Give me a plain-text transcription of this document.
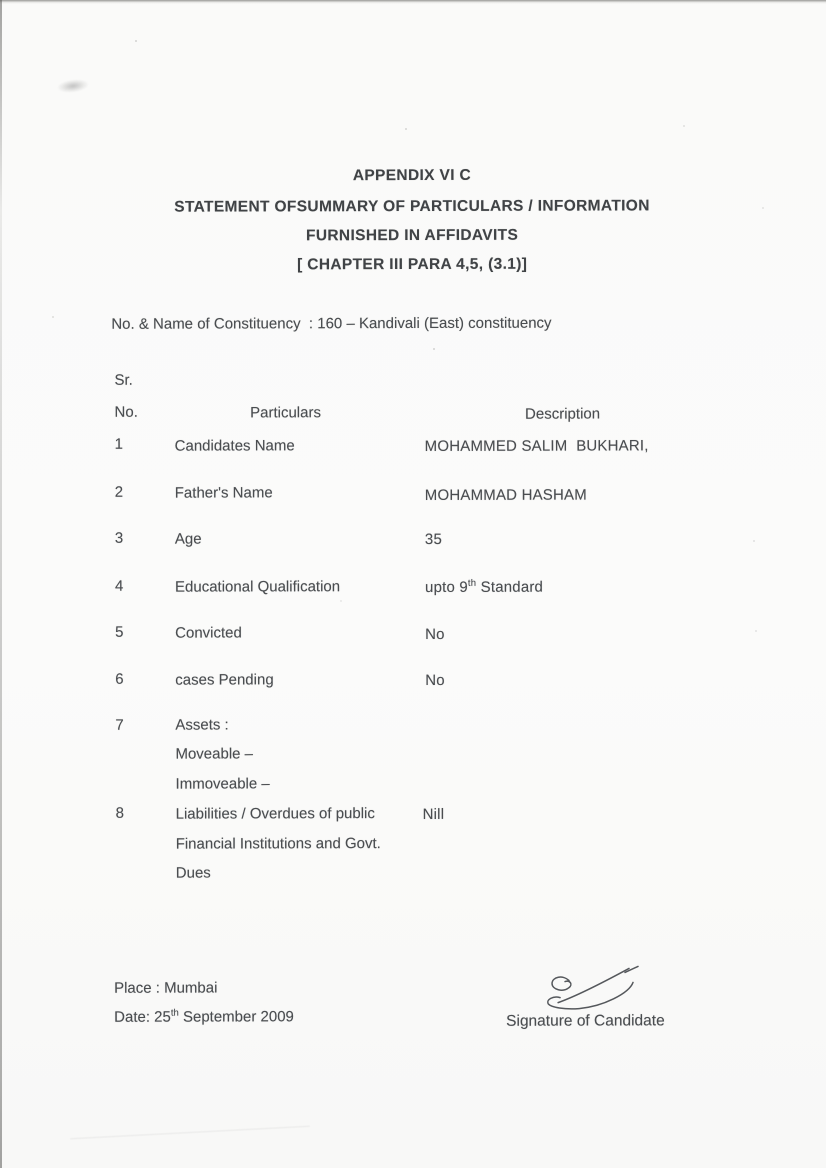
APPENDIX VI C
STATEMENT OFSUMMARY OF PARTICULARS / INFORMATION
FURNISHED IN AFFIDAVITS
[ CHAPTER III PARA 4,5, (3.1)]
No. & Name of Constituency  : 160 – Kandivali (East) constituency
Sr.
No.	Particulars	Description
1	Candidates Name	MOHAMMED SALIM  BUKHARI,
2	Father's Name	MOHAMMAD HASHAM
3	Age	35
4	Educational Qualification	upto 9th Standard
5	Convicted	No
6	cases Pending	No
7	Assets :
Moveable –
Immoveable –
8	Liabilities / Overdues of public	Nill
Financial Institutions and Govt.
Dues
Place : Mumbai
Date: 25th September 2009	Signature of Candidate
